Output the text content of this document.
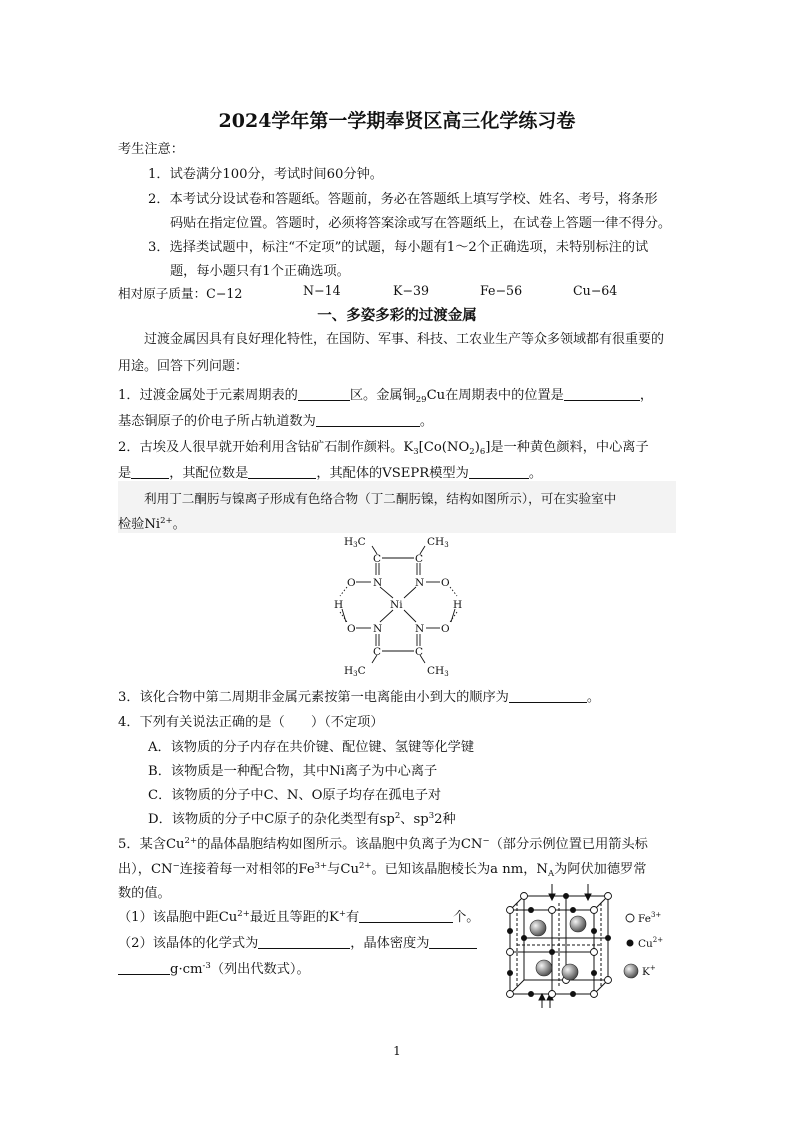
2024学年第一学期奉贤区高三化学练习卷
考生注意：
1．试卷满分100分，考试时间60分钟。
2．本考试分设试卷和答题纸。答题前，务必在答题纸上填写学校、姓名、考号，将条形
码贴在指定位置。答题时，必须将答案涂或写在答题纸上，在试卷上答题一律不得分。
3．选择类试题中，标注“不定项”的试题，每小题有1～2个正确选项，未特别标注的试
题，每小题只有1个正确选项。
相对原子质量：C−12	N−14	K−39	Fe−56	Cu−64
一、多姿多彩的过渡金属
过渡金属因具有良好理化特性，在国防、军事、科技、工农业生产等众多领域都有很重要的用途。回答下列问题：
1．过渡金属处于元素周期表的	区。金属铜$_{29}$Cu在周期表中的位置是	，
基态铜原子的价电子所占轨道数为	。
2．古埃及人很早就开始利用含钴矿石制作颜料。$K_3[Co(NO_2)_6]$是一种黄色颜料，中心离子
是	，其配位数是	，其配体的VSEPR模型为	。
利用丁二酮肟与镍离子形成有色络合物（丁二酮肟镍，结构如图所示），可在实验室中
检验$Ni^{2+}$。
H3C	CH3
C	C
N	N
O	O
H	H
Ni
O	O
N	N
C	C
H3C	CH3
3．该化合物中第二周期非金属元素按第一电离能由小到大的顺序为	。
4．下列有关说法正确的是（　　）（不定项）
A．该物质的分子内存在共价键、配位键、氢键等化学键
B．该物质是一种配合物，其中Ni离子为中心离子
C．该物质的分子中C、N、O原子均存在孤电子对
D．该物质的分子中C原子的杂化类型有$sp^2$、$sp^32$种
5．某含$Cu^{2+}$的晶体晶胞结构如图所示。该晶胞中负离子为CN−（部分示例位置已用箭头标
出），CN−连接着每一对相邻的$Fe^{3+}$与$Cu^{2+}$。已知该晶胞棱长为a nm，$N_A$为阿伏加德罗常
数的值。
（1）该晶胞中距$Cu^{2+}$最近且等距的K+有	个。
（2）该晶体的化学式为	，晶体密度为
$g\cdot cm^{-3}$（列出代数式）。
$Fe^{3+}$
$Cu^{2+}$
K+
1
